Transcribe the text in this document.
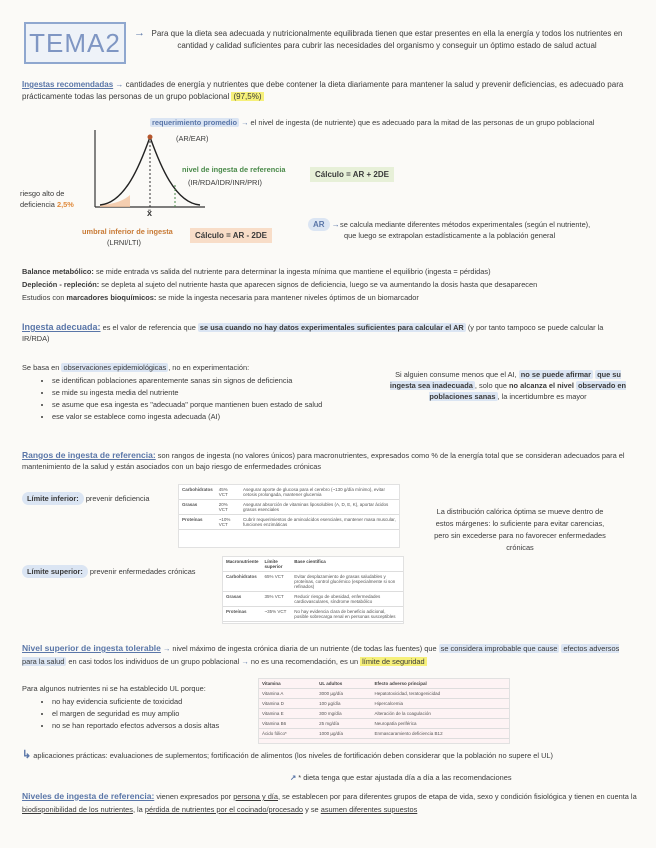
TEMA2	→ Para que la dieta sea adecuada y nutricionalmente equilibrada tienen que estar presentes en ella la energía y todos los nutrientes en cantidad y calidad suficientes para cubrir las necesidades del organismo y conseguir un óptimo estado de salud actual
Ingestas recomendadas → cantidades de energía y nutrientes que debe contener la dieta diariamente para mantener la salud y prevenir deficiencias, es adecuado para prácticamente todas las personas de un grupo poblacional (97,5%)
x̄
requerimiento promedio → el nivel de ingesta (de nutriente) que es adecuado para la mitad de las personas de un grupo poblacional
(AR/EAR)
nivel de ingesta de referencia
(IR/RDA/IDR/INR/PRI)
Cálculo = AR + 2DE
riesgo alto de
deficiencia 2,5%
umbral inferior de ingesta
(LRNI/LTI)
Cálculo = AR - 2DE
AR → se calcula mediante diferentes métodos experimentales (según el nutriente),
que luego se extrapolan estadísticamente a la población general
Balance metabólico: se mide entrada vs salida del nutriente para determinar la ingesta mínima que mantiene el equilibrio (ingesta = pérdidas)
Depleción - repleción: se depleta al sujeto del nutriente hasta que aparecen signos de deficiencia, luego se va aumentando la dosis hasta que desaparecen
Estudios con marcadores bioquímicos: se mide la ingesta necesaria para mantener niveles óptimos de un biomarcador
Ingesta adecuada: es el valor de referencia que se usa cuando no hay datos experimentales suficientes para calcular el AR (y por tanto tampoco se puede calcular la IR/RDA)
Se basa en observaciones epidemiológicas , no en experimentación:
• se identifican poblaciones aparentemente sanas sin signos de deficiencia
• se mide su ingesta media del nutriente
• se asume que esa ingesta es "adecuada" porque mantienen buen estado de salud
• ese valor se establece como ingesta adecuada (AI)
Si alguien consume menos que el AI, no se puede afirmar que su ingesta sea inadecuada , solo que no alcanza el nivel observado en poblaciones sanas , la incertidumbre es mayor
Rangos de ingesta de referencia: son rangos de ingesta (no valores únicos) para macronutrientes, expresados como % de la energía total que se consideran adecuados para el mantenimiento de la salud y están asociados con un bajo riesgo de enfermedades crónicas
Límite inferior: prevenir deficiencia
Carbohidratos	45% VCT	Asegurar aporte de glucosa para el cerebro (~130 g/día mínimo), evitar cetosis prolongada, mantener glucemia
Grasas	20% VCT	Asegurar absorción de vitaminas liposolubles (A, D, E, K), aportar ácidos grasos esenciales
Proteínas	~10% VCT	Cubrir requerimientos de aminoácidos esenciales, mantener masa muscular, funciones enzimáticas
La distribución calórica óptima se mueve dentro de estos márgenes: lo suficiente para evitar carencias, pero sin excederse para no favorecer enfermedades crónicas
Límite superior: prevenir enfermedades crónicas
Macronutriente	Límite superior	Base científica
Carbohidratos	65% VCT	Evitar desplazamiento de grasas saludables y proteínas, control glucémico (especialmente si son refinados)
Grasas	35% VCT	Reducir riesgo de obesidad, enfermedades cardiovasculares, síndrome metabólico
Proteínas	~35% VCT	No hay evidencia clara de beneficio adicional, posible sobrecarga renal en personas susceptibles
Nivel superior de ingesta tolerable → nivel máximo de ingesta crónica diaria de un nutriente (de todas las fuentes) que se considera improbable que cause efectos adversos para la salud en casi todos los individuos de un grupo poblacional → no es una recomendación, es un límite de seguridad
Para algunos nutrientes ni se ha establecido UL porque:
• no hay evidencia suficiente de toxicidad
• el margen de seguridad es muy amplio
• no se han reportado efectos adversos a dosis altas
Vitamina	UL adultos	Efecto adverso principal
Vitamina A	3000 µg/día	Hepatotoxicidad, teratogenicidad
Vitamina D	100 µg/día	Hipercalcemia
Vitamina E	300 mg/día	Alteración de la coagulación
Vitamina B6	25 mg/día	Neuropatía periférica
Ácido fólico*	1000 µg/día	Enmascaramiento deficiencia B12
↳ aplicaciones prácticas: evaluaciones de suplementos; fortificación de alimentos (los niveles de fortificación deben considerar que la población no supere el UL)
↗ * dieta tenga que estar ajustada día a día a las recomendaciones
Niveles de ingesta de referencia: vienen expresados por persona y día, se establecen por para diferentes grupos de etapa de vida, sexo y condición fisiológica y tienen en cuenta la biodisponibilidad de los nutrientes, la pérdida de nutrientes por el cocinado/procesado y se asumen diferentes supuestos
